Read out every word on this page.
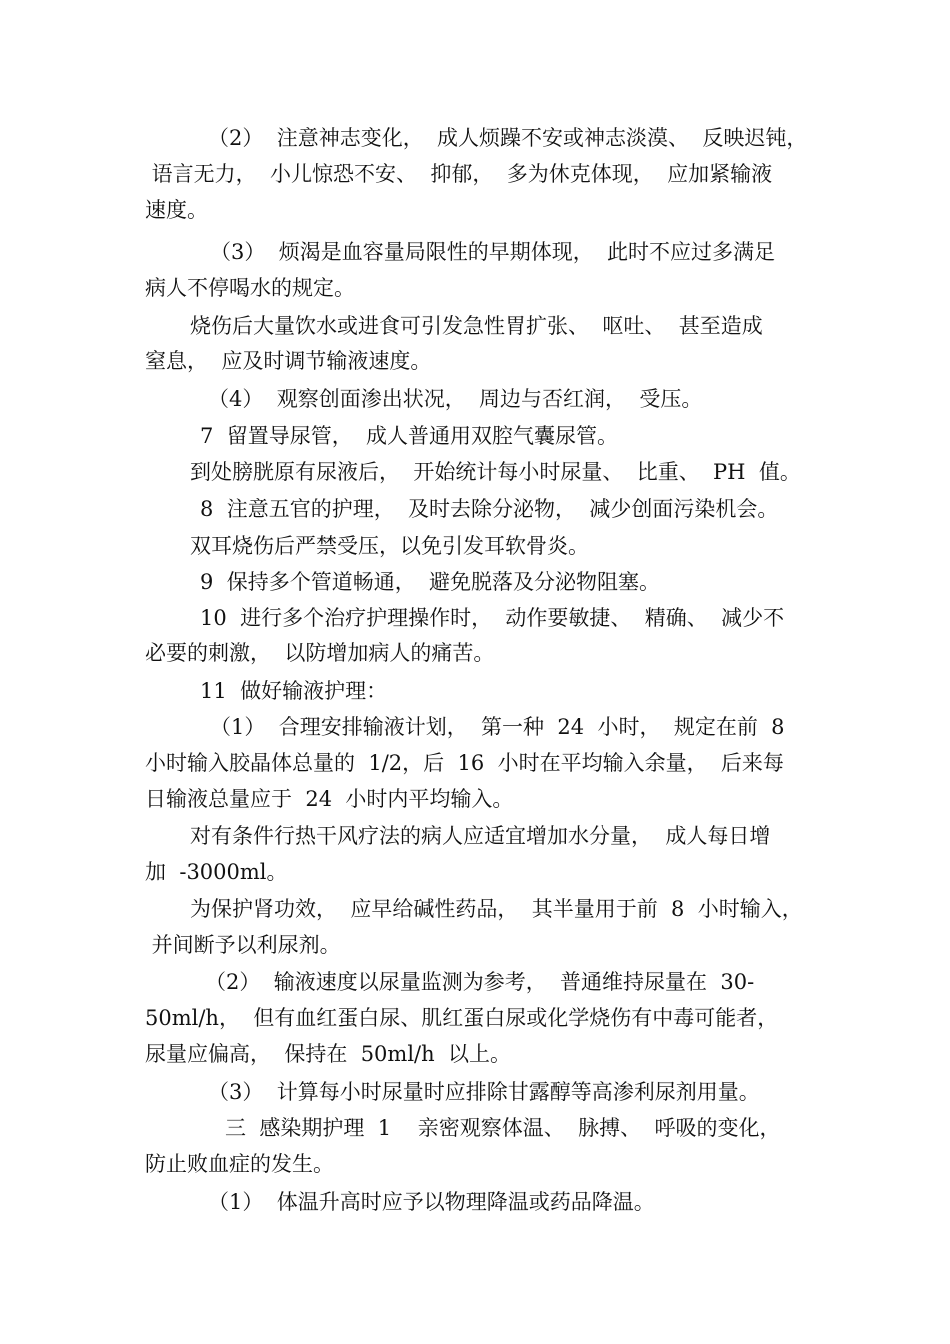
（2）  注意神志变化，  成人烦躁不安或神志淡漠、  反映迟钝，

语言无力，  小儿惊恐不安、  抑郁，  多为休克体现，  应加紧输液

速度。

（3）  烦渴是血容量局限性的早期体现，  此时不应过多满足

病人不停喝水的规定。

烧伤后大量饮水或进食可引发急性胃扩张、  呕吐、  甚至造成

窒息，  应及时调节输液速度。

（4）  观察创面渗出状况，  周边与否红润，  受压。

7  留置导尿管，  成人普通用双腔气囊尿管。

到处膀胱原有尿液后，  开始统计每小时尿量、  比重、  PH  值。

8  注意五官的护理，  及时去除分泌物，  减少创面污染机会。

双耳烧伤后严禁受压，以免引发耳软骨炎。

9  保持多个管道畅通，  避免脱落及分泌物阻塞。

10  进行多个治疗护理操作时，  动作要敏捷、  精确、  减少不

必要的刺激，  以防增加病人的痛苦。

11  做好输液护理：

（1）  合理安排输液计划，  第一种  24  小时，  规定在前  8

小时输入胶晶体总量的  1/2，后  16  小时在平均输入余量，  后来每

日输液总量应于  24  小时内平均输入。

对有条件行热干风疗法的病人应适宜增加水分量，  成人每日增

加  -3000ml。

为保护肾功效，  应早给碱性药品，  其半量用于前  8  小时输入，

并间断予以利尿剂。

（2）  输液速度以尿量监测为参考，  普通维持尿量在  30-

50ml/h，  但有血红蛋白尿、肌红蛋白尿或化学烧伤有中毒可能者，

尿量应偏高，  保持在  50ml/h  以上。

（3）  计算每小时尿量时应排除甘露醇等高渗利尿剂用量。

三  感染期护理  1    亲密观察体温、  脉搏、  呼吸的变化，

防止败血症的发生。

（1）  体温升高时应予以物理降温或药品降温。
